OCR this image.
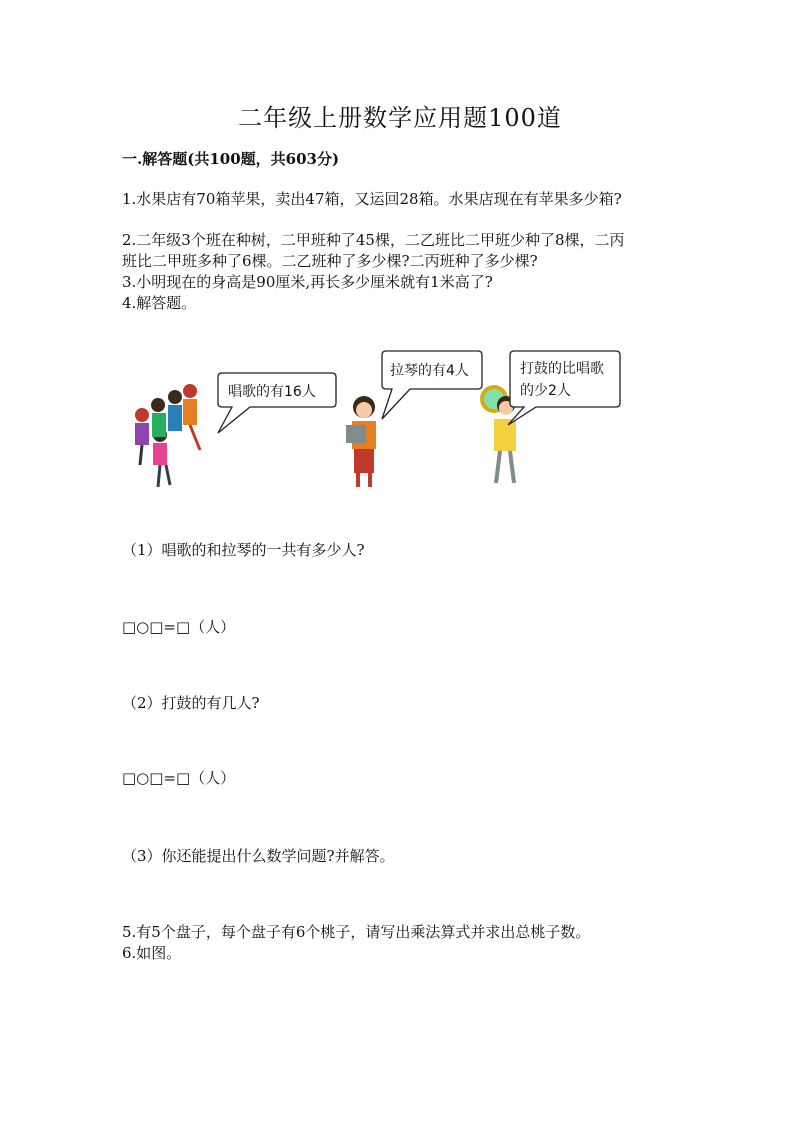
二年级上册数学应用题100道
一.解答题(共100题，共603分)
1.水果店有70箱苹果，卖出47箱，又运回28箱。水果店现在有苹果多少箱?
2.二年级3个班在种树，二甲班种了45棵，二乙班比二甲班少种了8棵，二丙
班比二甲班多种了6棵。二乙班种了多少棵?二丙班种了多少棵?
3.小明现在的身高是90厘米,再长多少厘米就有1米高了?
4.解答题。
唱歌的有16人
拉琴的有4人	打鼓的比唱歌
的少2人
（1）唱歌的和拉琴的一共有多少人?
□○□=□（人）
（2）打鼓的有几人?
□○□=□（人）
（3）你还能提出什么数学问题?并解答。
5.有5个盘子，每个盘子有6个桃子，请写出乘法算式并求出总桃子数。
6.如图。
